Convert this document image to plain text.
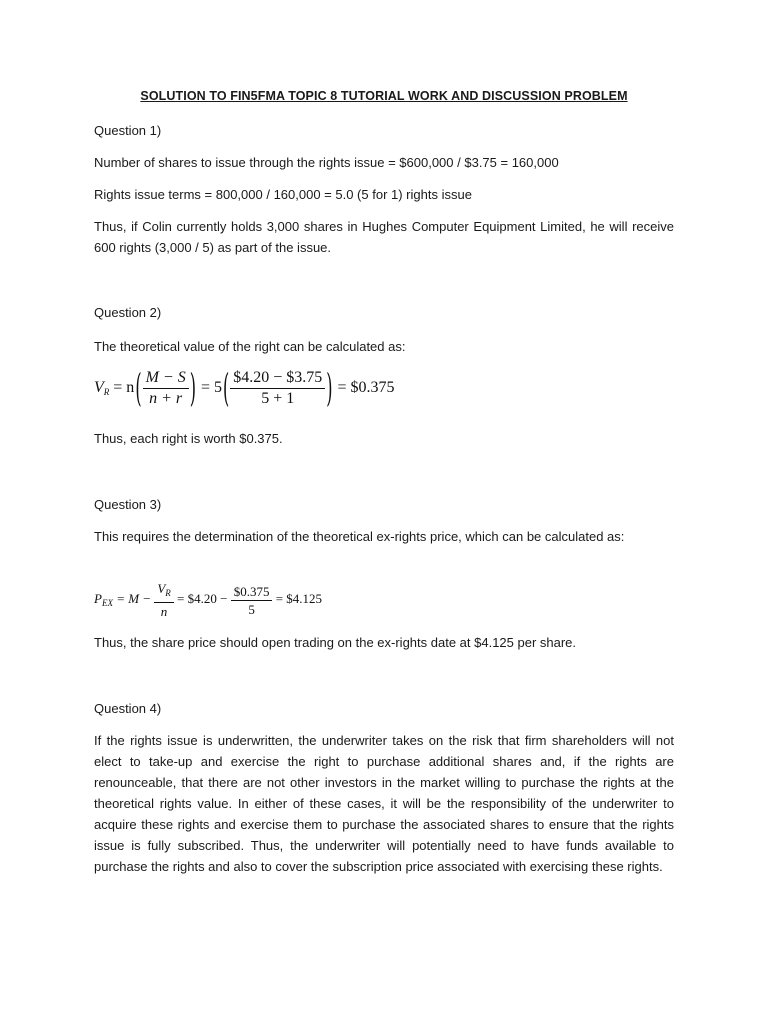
SOLUTION TO FIN5FMA TOPIC 8 TUTORIAL WORK AND DISCUSSION PROBLEM

Question 1)

Number of shares to issue through the rights issue = $600,000 / $3.75 = 160,000

Rights issue terms = 800,000 / 160,000 = 5.0 (5 for 1) rights issue

Thus, if Colin currently holds 3,000 shares in Hughes Computer Equipment Limited, he will receive 600 rights (3,000 / 5) as part of the issue.

Question 2)

The theoretical value of the right can be calculated as:

$V_R = n( \frac{M - S}{n + r}$ ) = $5( \frac{\$4.20 - \$3.75}{5 + 1}$ ) = $0.375

Thus, each right is worth $0.375.

Question 3)

This requires the determination of the theoretical ex-rights price, which can be calculated as:

$P_{EX} = M - \frac{V_R}{n}$ = $4.20 − $\frac{\$0.375}{5}$ = $4.125

Thus, the share price should open trading on the ex-rights date at $4.125 per share.

Question 4)

If the rights issue is underwritten, the underwriter takes on the risk that firm shareholders will not elect to take-up and exercise the right to purchase additional shares and, if the rights are renounceable, that there are not other investors in the market willing to purchase the rights at the theoretical rights value. In either of these cases, it will be the responsibility of the underwriter to acquire these rights and exercise them to purchase the associated shares to ensure that the rights issue is fully subscribed. Thus, the underwriter will potentially need to have funds available to purchase the rights and also to cover the subscription price associated with exercising these rights.
